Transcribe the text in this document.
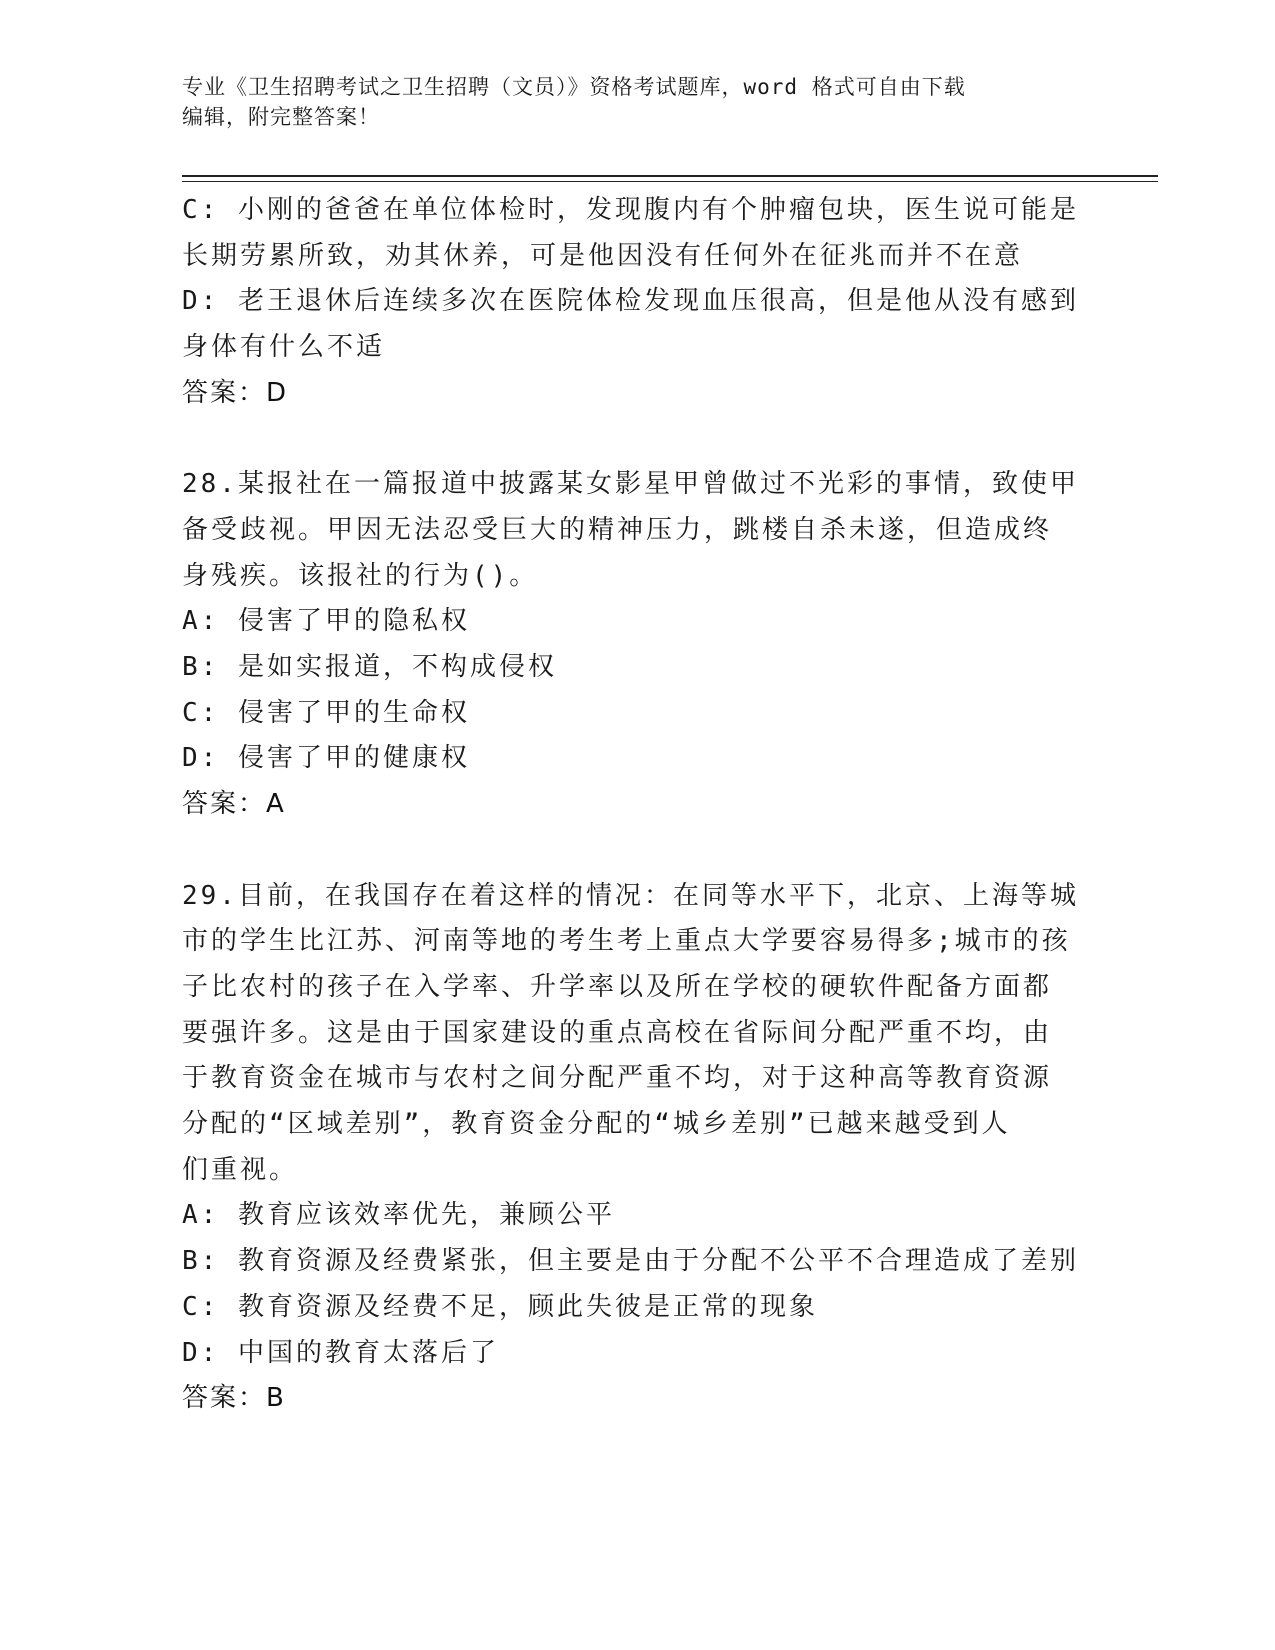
专业《卫生招聘考试之卫生招聘（文员）》资格考试题库，word 格式可自由下载
编辑，附完整答案！
C: 小刚的爸爸在单位体检时，发现腹内有个肿瘤包块，医生说可能是
长期劳累所致，劝其休养，可是他因没有任何外在征兆而并不在意
D: 老王退休后连续多次在医院体检发现血压很高，但是他从没有感到
身体有什么不适
答案：D
28.某报社在一篇报道中披露某女影星甲曾做过不光彩的事情，致使甲
备受歧视。甲因无法忍受巨大的精神压力，跳楼自杀未遂，但造成终
身残疾。该报社的行为()。
A: 侵害了甲的隐私权
B: 是如实报道，不构成侵权
C: 侵害了甲的生命权
D: 侵害了甲的健康权
答案：A
29.目前，在我国存在着这样的情况：在同等水平下，北京、上海等城
市的学生比江苏、河南等地的考生考上重点大学要容易得多;城市的孩
子比农村的孩子在入学率、升学率以及所在学校的硬软件配备方面都
要强许多。这是由于国家建设的重点高校在省际间分配严重不均，由
于教育资金在城市与农村之间分配严重不均，对于这种高等教育资源
分配的“区域差别”，教育资金分配的“城乡差别”已越来越受到人
们重视。
A: 教育应该效率优先，兼顾公平
B: 教育资源及经费紧张，但主要是由于分配不公平不合理造成了差别
C: 教育资源及经费不足，顾此失彼是正常的现象
D: 中国的教育太落后了
答案：B
